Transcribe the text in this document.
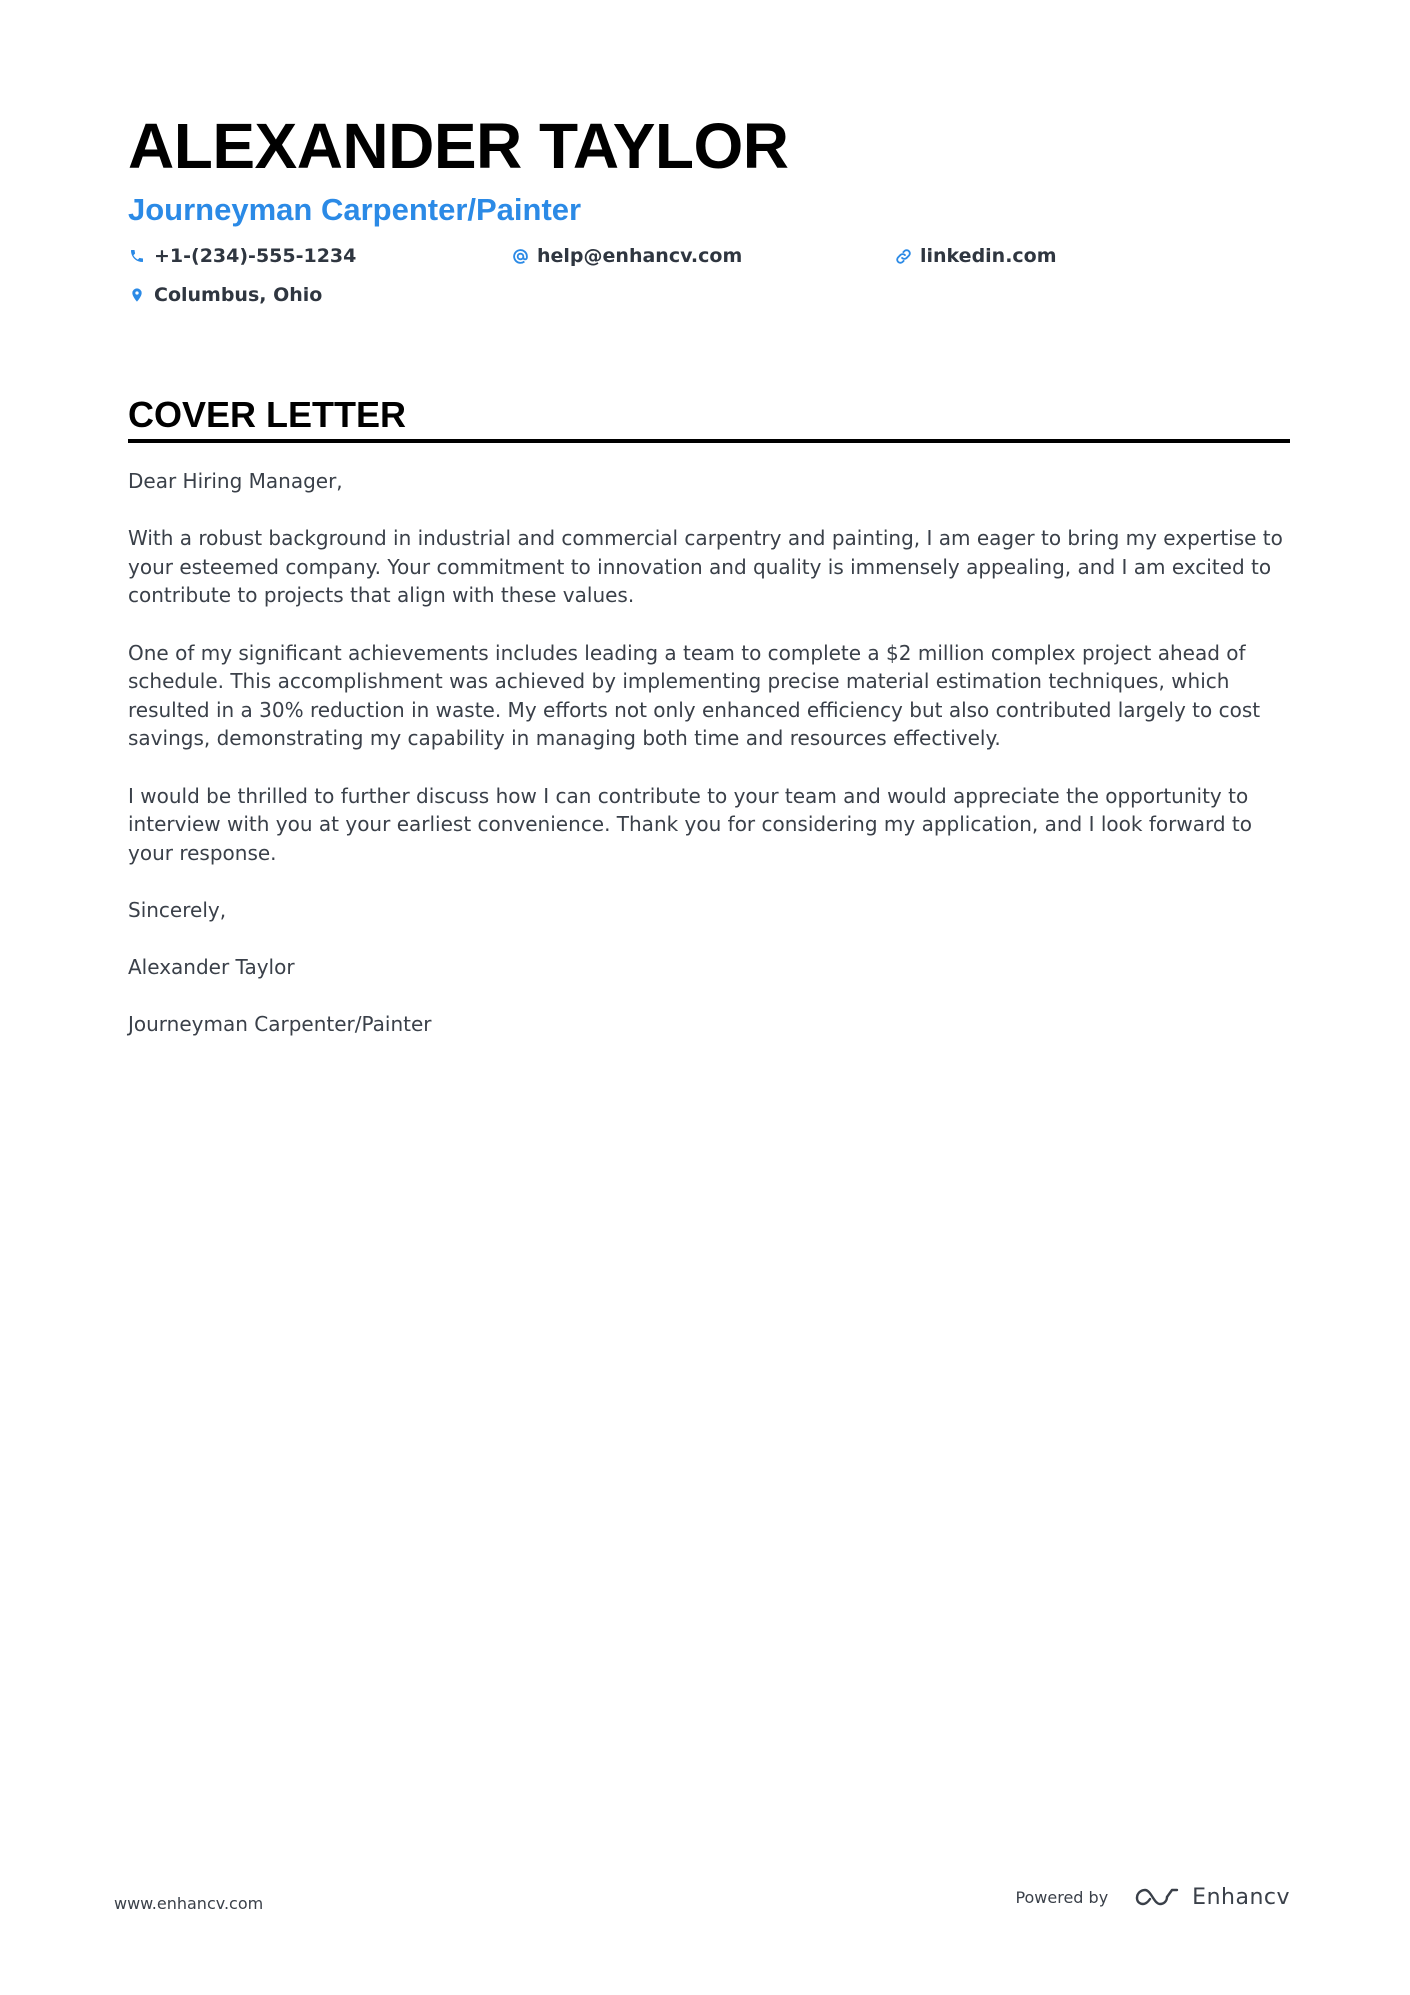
ALEXANDER TAYLOR
Journeyman Carpenter/Painter
+1-(234)-555-1234	help@enhancv.com	linkedin.com
Columbus, Ohio
COVER LETTER

Dear Hiring Manager,

With a robust background in industrial and commercial carpentry and painting, I am eager to bring my expertise to your esteemed company. Your commitment to innovation and quality is immensely appealing, and I am excited to contribute to projects that align with these values.

One of my significant achievements includes leading a team to complete a $2 million complex project ahead of schedule. This accomplishment was achieved by implementing precise material estimation techniques, which resulted in a 30% reduction in waste. My efforts not only enhanced efficiency but also contributed largely to cost savings, demonstrating my capability in managing both time and resources effectively.

I would be thrilled to further discuss how I can contribute to your team and would appreciate the opportunity to interview with you at your earliest convenience. Thank you for considering my application, and I look forward to your response.

Sincerely,

Alexander Taylor

Journeyman Carpenter/Painter

www.enhancv.com	Powered by	Enhancv
